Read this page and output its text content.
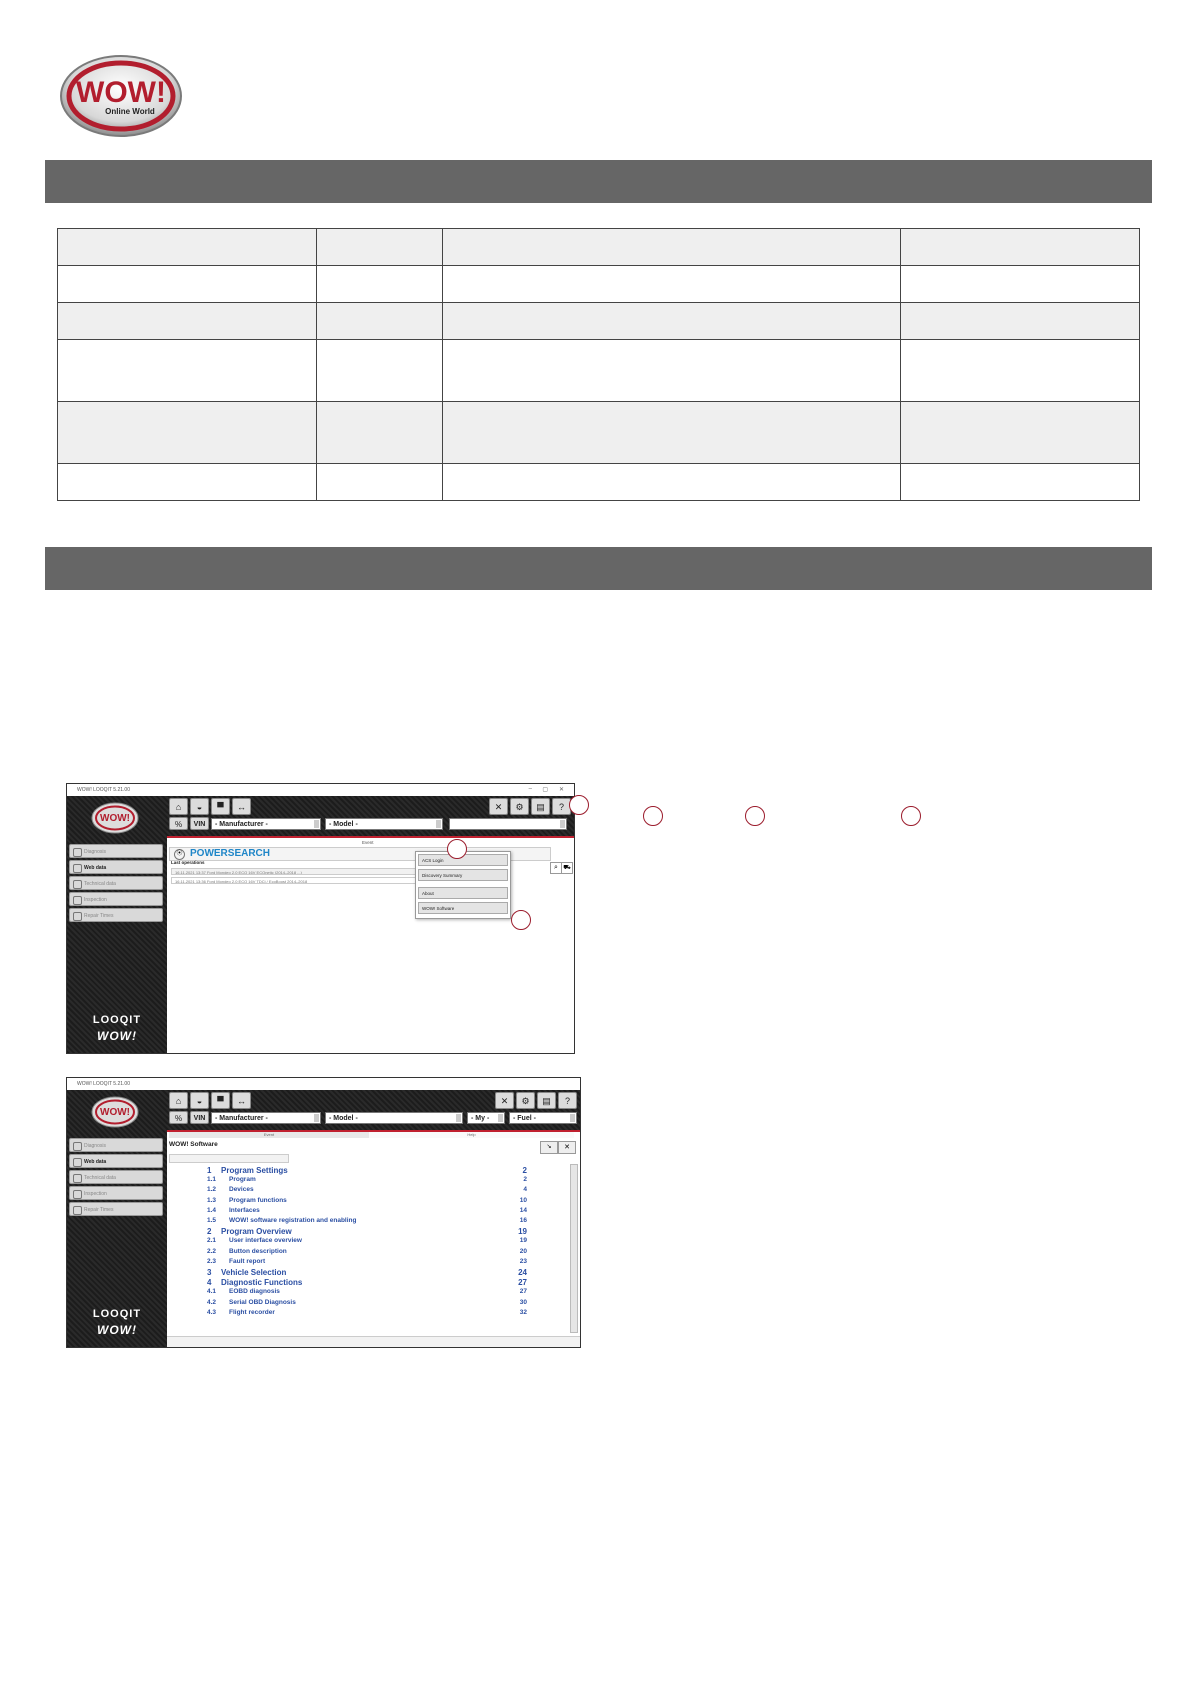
WOW!
Online World

WOW! LOOQIT 5.21.00	– ▢ ✕
WOW!
Diagnosis
Web data
Technical data
Inspection
Repair Times
LOOQIT
WOW!
⌂	◒	▀	↔	✕	⚙	▤	?
%	VIN	- Manufacturer -	- Model -
Event
⦿ POWERSEARCH
Last operations
16.11.2021 13:37 Ford Mondeo 2.0 ECO 16V ECOnetic (2014–2018 ...)
16.11.2021 13:36 Ford Mondeo 2.0 ECO 16V TDCi / EcoBoost 2014–2018
⌕ ⛟
ACS Login
Discovery Summary
About
WOW! Software
WOW! LOOQIT 5.21.00
WOW!
Diagnosis
Web data
Technical data
Inspection
Repair Times
LOOQIT
WOW!
⌂	◒	▀	↔	✕	⚙	▤	?
%	VIN	- Manufacturer -	- Model -	- My -	- Fuel -
Event	Help
WOW! Software	↘	✕
1 Program Settings	2
1.1 Program	2
1.2 Devices	4
1.3 Program functions	10
1.4 Interfaces	14
1.5 WOW! software registration and enabling	16
2 Program Overview	19
2.1 User interface overview	19
2.2 Button description	20
2.3 Fault report	23
3 Vehicle Selection	24
4 Diagnostic Functions	27
4.1 EOBD diagnosis	27
4.2 Serial OBD Diagnosis	30
4.3 Flight recorder	32
